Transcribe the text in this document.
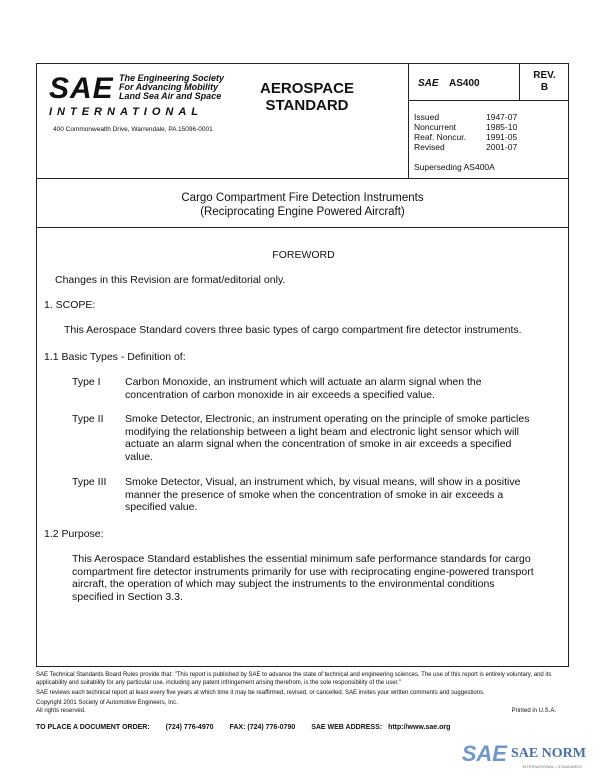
SAE The Engineering Society
For Advancing Mobility
Land Sea Air and Space
INTERNATIONAL
400 Commonwealth Drive, Warrendale, PA 15096-0001
AEROSPACE
STANDARD
SAE AS400
REV.
B
Issued	1947-07
Noncurrent	1985-10
Reaf. Noncur.	1991-05
Revised	2001-07
Superseding AS400A
Cargo Compartment Fire Detection Instruments
(Reciprocating Engine Powered Aircraft)
FOREWORD
Changes in this Revision are format/editorial only.
1. SCOPE:
This Aerospace Standard covers three basic types of cargo compartment fire detector instruments.
1.1 Basic Types - Definition of:
Type I	Carbon Monoxide, an instrument which will actuate an alarm signal when the
concentration of carbon monoxide in air exceeds a specified value.
Type II	Smoke Detector, Electronic, an instrument operating on the principle of smoke particles
modifying the relationship between a light beam and electronic light sensor which will
actuate an alarm signal when the concentration of smoke in air exceeds a specified
value.
Type III	Smoke Detector, Visual, an instrument which, by visual means, will show in a positive
manner the presence of smoke when the concentration of smoke in air exceeds a
specified value.
1.2 Purpose:
This Aerospace Standard establishes the essential minimum safe performance standards for cargo
compartment fire detector instruments primarily for use with reciprocating engine-powered transport
aircraft, the operation of which may subject the instruments to the environmental conditions
specified in Section 3.3.
SAE Technical Standards Board Rules provide that: "This report is published by SAE to advance the state of technical and engineering sciences. The use of this report is entirely voluntary, and its applicability and suitability for any particular use, including any patent infringement arising therefrom, is the sole responsibility of the user."
SAE reviews each technical report at least every five years at which time it may be reaffirmed, revised, or cancelled. SAE invites your written comments and suggestions.
Copyright 2001 Society of Automotive Engineers, Inc.
All rights reserved.	Printed in U.S.A.
TO PLACE A DOCUMENT ORDER: (724) 776-4970 FAX: (724) 776-0790 SAE WEB ADDRESS: http://www.sae.org
SAE SAE NORM
INTERNATIONAL • STANDARDS
